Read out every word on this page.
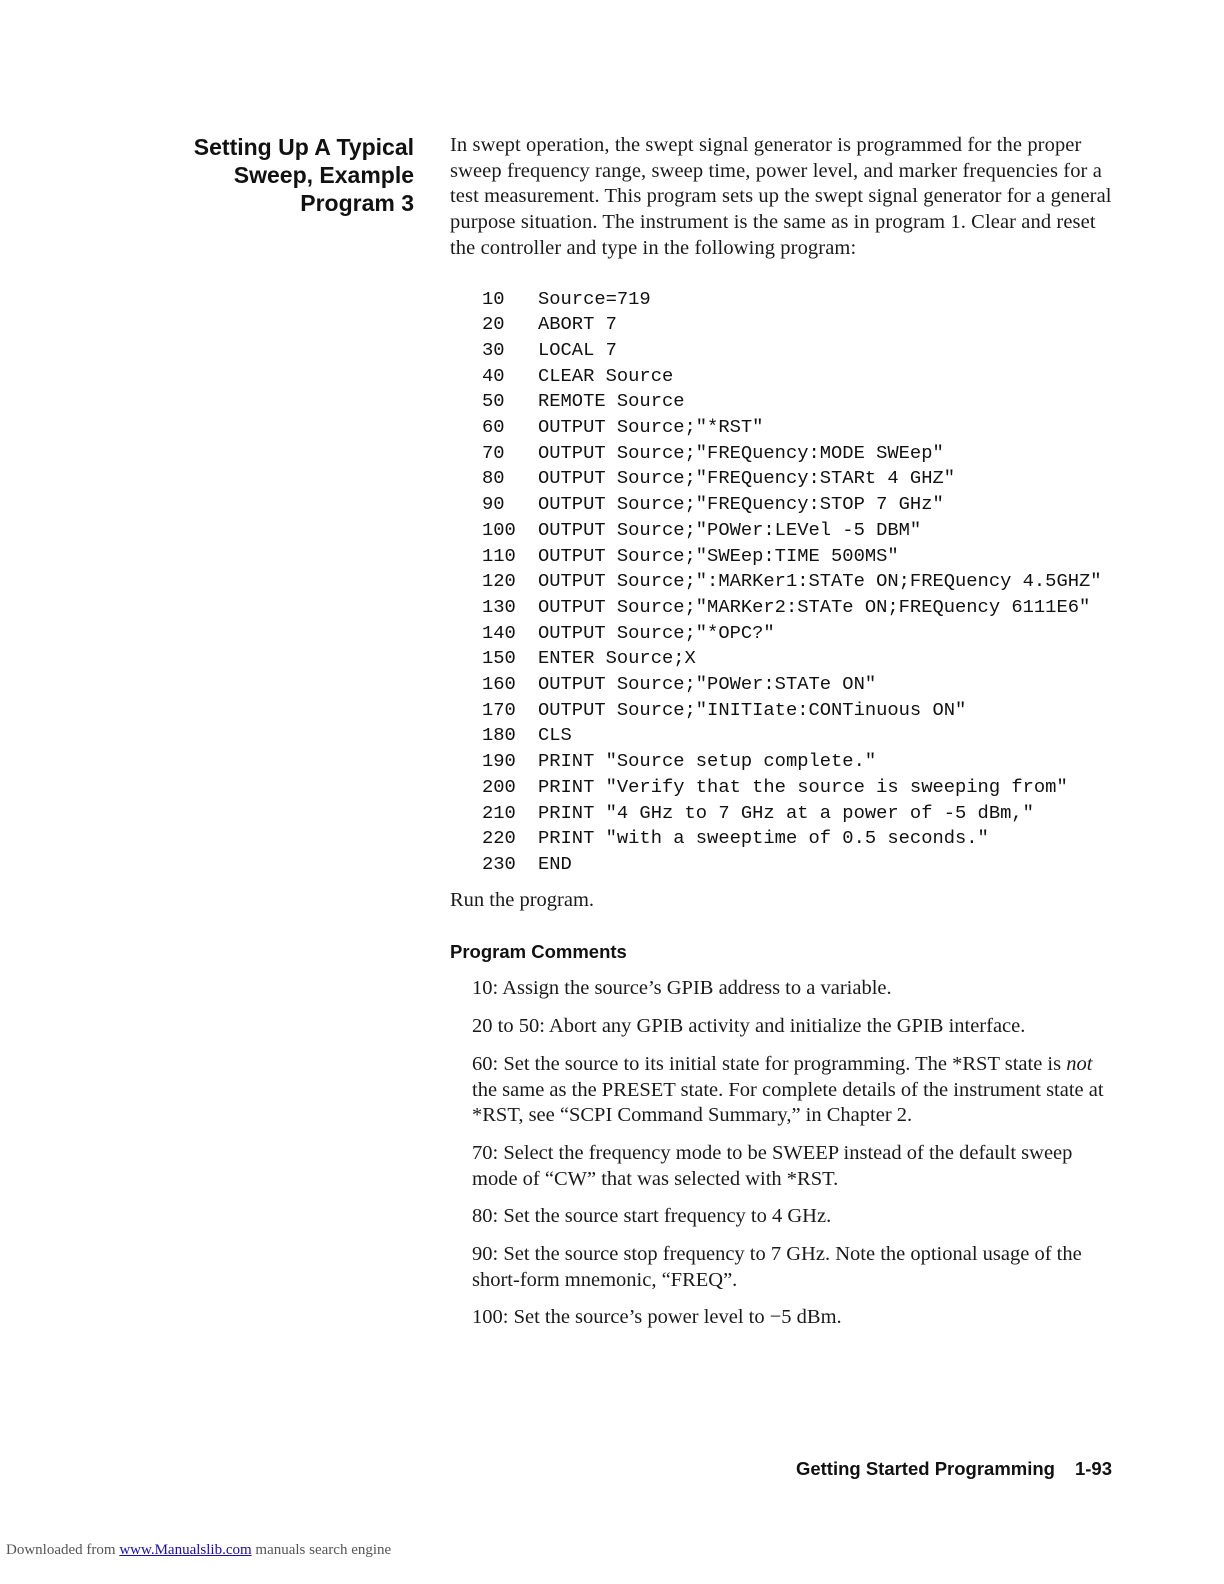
Setting Up A Typical
Sweep, Example
Program 3

In swept operation, the swept signal generator is programmed for the proper sweep frequency range, sweep time, power level, and marker frequencies for a test measurement. This program sets up the swept signal generator for a general purpose situation. The instrument is the same as in program 1. Clear and reset the controller and type in the following program:

10	Source=719
20	ABORT 7
30	LOCAL 7
40	CLEAR Source
50	REMOTE Source
60	OUTPUT Source;"*RST"
70	OUTPUT Source;"FREQuency:MODE SWEep"
80	OUTPUT Source;"FREQuency:STARt 4 GHZ"
90	OUTPUT Source;"FREQuency:STOP 7 GHz"
100	OUTPUT Source;"POWer:LEVel -5 DBM"
110	OUTPUT Source;"SWEep:TIME 500MS"
120	OUTPUT Source;":MARKer1:STATe ON;FREQuency 4.5GHZ"
130	OUTPUT Source;"MARKer2:STATe ON;FREQuency 6111E6"
140	OUTPUT Source;"*OPC?"
150	ENTER Source;X
160	OUTPUT Source;"POWer:STATe ON"
170	OUTPUT Source;"INITIate:CONTinuous ON"
180	CLS
190	PRINT "Source setup complete."
200	PRINT "Verify that the source is sweeping from"
210	PRINT "4 GHz to 7 GHz at a power of -5 dBm,"
220	PRINT "with a sweeptime of 0.5 seconds."
230	END

Run the program.

Program Comments

10: Assign the source’s GPIB address to a variable.

20 to 50: Abort any GPIB activity and initialize the GPIB interface.

60: Set the source to its initial state for programming. The *RST state is not the same as the PRESET state. For complete details of the instrument state at *RST, see “SCPI Command Summary,” in Chapter 2.

70: Select the frequency mode to be SWEEP instead of the default sweep mode of “CW” that was selected with *RST.

80: Set the source start frequency to 4 GHz.

90: Set the source stop frequency to 7 GHz. Note the optional usage of the short-form mnemonic, “FREQ”.

100: Set the source’s power level to −5 dBm.

Getting Started Programming 1-93
Downloaded from www.Manualslib.com manuals search engine
